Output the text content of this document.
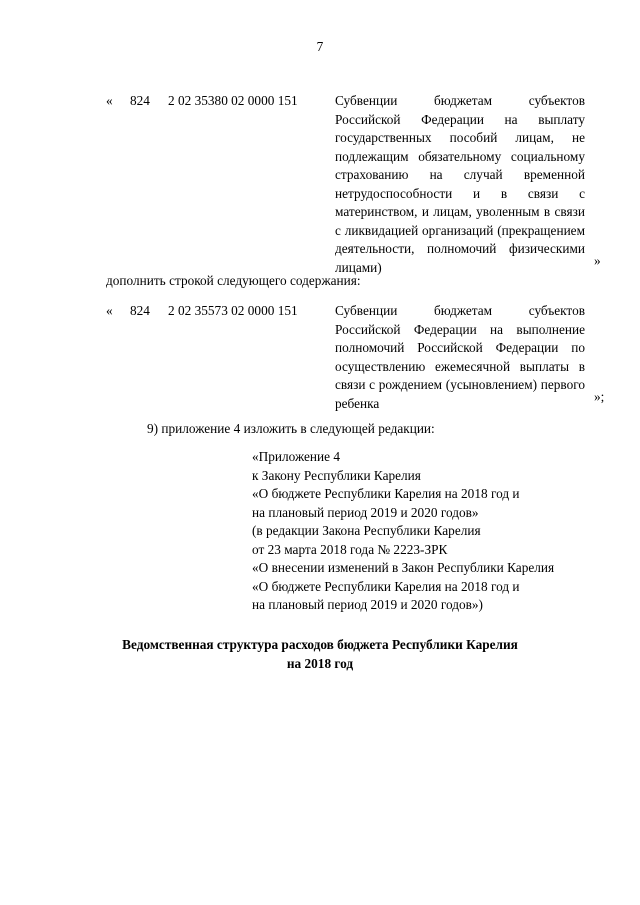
7
« 824 2 02 35380 02 0000 151	Субвенции бюджетам субъектов Российской Федерации на выплату государственных пособий лицам, не подлежащим обязательному социальному страхованию на случай временной нетрудоспособности и в связи с материнством, и лицам, уволенным в связи с ликвидацией организаций (прекращением деятельности, полномочий физическими лицами)	»
дополнить строкой следующего содержания:
« 824 2 02 35573 02 0000 151	Субвенции бюджетам субъектов Российской Федерации на выполнение полномочий Российской Федерации по осуществлению ежемесячной выплаты в связи с рождением (усыновлением) первого ребенка	»;
9) приложение 4 изложить в следующей редакции:
«Приложение 4
к Закону Республики Карелия
«О бюджете Республики Карелия на 2018 год и
на плановый период 2019 и 2020 годов»
(в редакции Закона Республики Карелия
от 23 марта 2018 года № 2223-ЗРК
«О внесении изменений в Закон Республики Карелия
«О бюджете Республики Карелия на 2018 год и
на плановый период 2019 и 2020 годов»)
Ведомственная структура расходов бюджета Республики Карелия
на 2018 год
